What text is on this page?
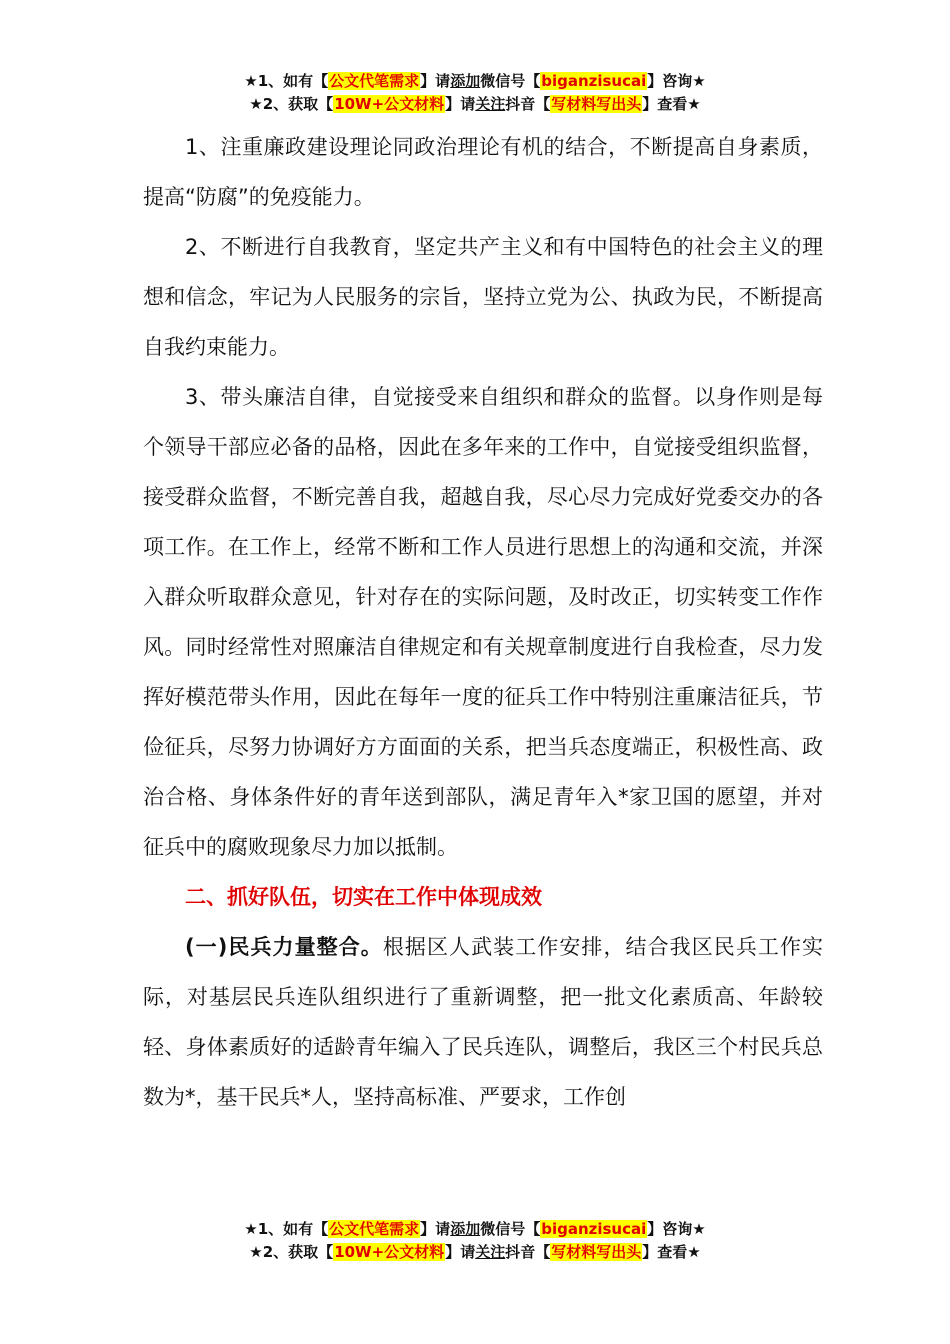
★1、如有【公文代笔需求】请添加微信号【biganzisucai】咨询★
★2、获取【10W+公文材料】请关注抖音【写材料写出头】查看★

1、注重廉政建设理论同政治理论有机的结合，不断提高自身素质，提高“防腐”的免疫能力。

2、不断进行自我教育，坚定共产主义和有中国特色的社会主义的理想和信念，牢记为人民服务的宗旨，坚持立党为公、执政为民，不断提高自我约束能力。

3、带头廉洁自律，自觉接受来自组织和群众的监督。以身作则是每个领导干部应必备的品格，因此在多年来的工作中，自觉接受组织监督，接受群众监督，不断完善自我，超越自我，尽心尽力完成好党委交办的各项工作。在工作上，经常不断和工作人员进行思想上的沟通和交流，并深入群众听取群众意见，针对存在的实际问题，及时改正，切实转变工作作风。同时经常性对照廉洁自律规定和有关规章制度进行自我检查，尽力发挥好模范带头作用，因此在每年一度的征兵工作中特别注重廉洁征兵，节俭征兵，尽努力协调好方方面面的关系，把当兵态度端正，积极性高、政治合格、身体条件好的青年送到部队，满足青年入*家卫国的愿望，并对征兵中的腐败现象尽力加以抵制。

二、抓好队伍，切实在工作中体现成效

(一)民兵力量整合。根据区人武装工作安排，结合我区民兵工作实际，对基层民兵连队组织进行了重新调整，把一批文化素质高、年龄较轻、身体素质好的适龄青年编入了民兵连队，调整后，我区三个村民兵总数为*，基干民兵*人，坚持高标准、严要求，工作创

★1、如有【公文代笔需求】请添加微信号【biganzisucai】咨询★
★2、获取【10W+公文材料】请关注抖音【写材料写出头】查看★
